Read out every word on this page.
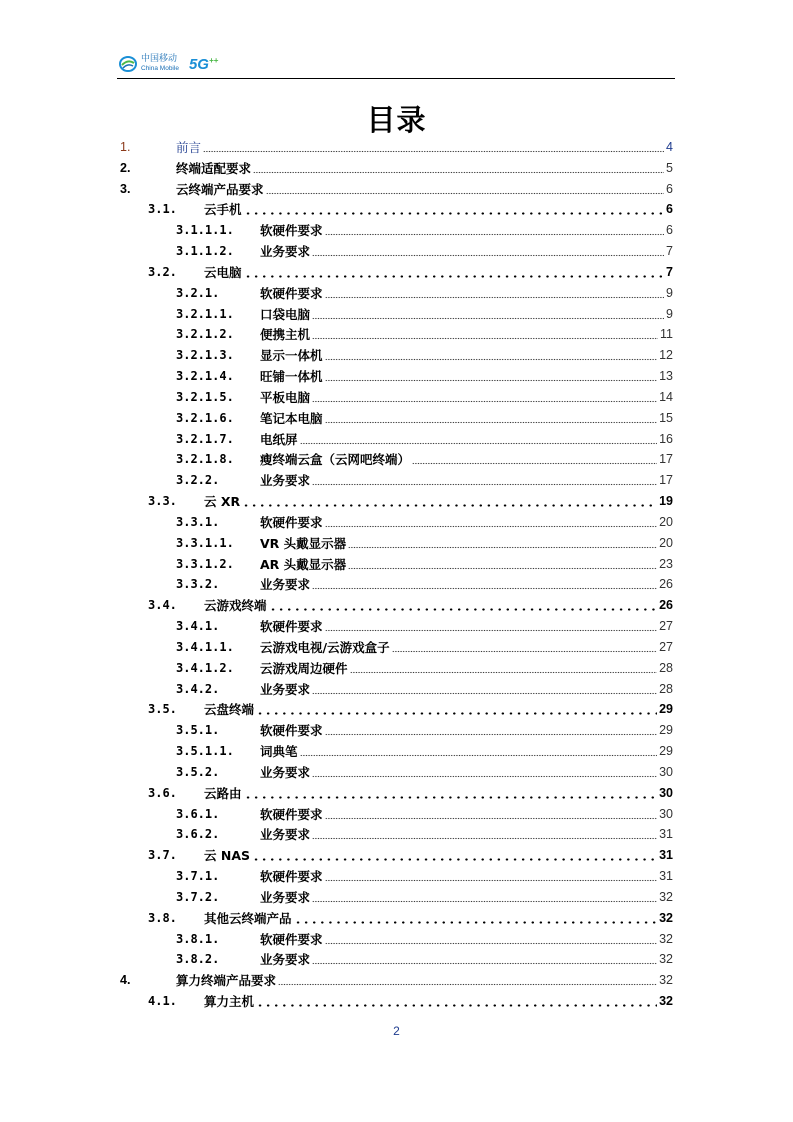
中国移动
China Mobile 5G++
目录
1.	前言	4
2.	终端适配要求	5
3.	云终端产品要求	6
3.1. 云手机	6
3.1.1.1. 软硬件要求	6
3.1.1.2. 业务要求	7
3.2. 云电脑	7
3.2.1.	软硬件要求	9
3.2.1.1. 口袋电脑	9
3.2.1.2. 便携主机	11
3.2.1.3. 显示一体机	12
3.2.1.4. 旺铺一体机	13
3.2.1.5. 平板电脑	14
3.2.1.6. 笔记本电脑	15
3.2.1.7. 电纸屏	16
3.2.1.8. 瘦终端云盒（云网吧终端）	17
3.2.2.	业务要求	17
3.3. 云 XR	19
3.3.1.	软硬件要求	20
3.3.1.1. VR 头戴显示器	20
3.3.1.2. AR 头戴显示器	23
3.3.2.	业务要求	26
3.4. 云游戏终端	26
3.4.1.	软硬件要求	27
3.4.1.1. 云游戏电视/云游戏盒子	27
3.4.1.2. 云游戏周边硬件	28
3.4.2.	业务要求	28
3.5. 云盘终端	29
3.5.1.	软硬件要求	29
3.5.1.1. 词典笔	29
3.5.2.	业务要求	30
3.6. 云路由	30
3.6.1.	软硬件要求	30
3.6.2.	业务要求	31
3.7. 云 NAS	31
3.7.1.	软硬件要求	31
3.7.2.	业务要求	32
3.8. 其他云终端产品	32
3.8.1.	软硬件要求	32
3.8.2.	业务要求	32
4.	算力终端产品要求	32
4.1. 算力主机	32
2
